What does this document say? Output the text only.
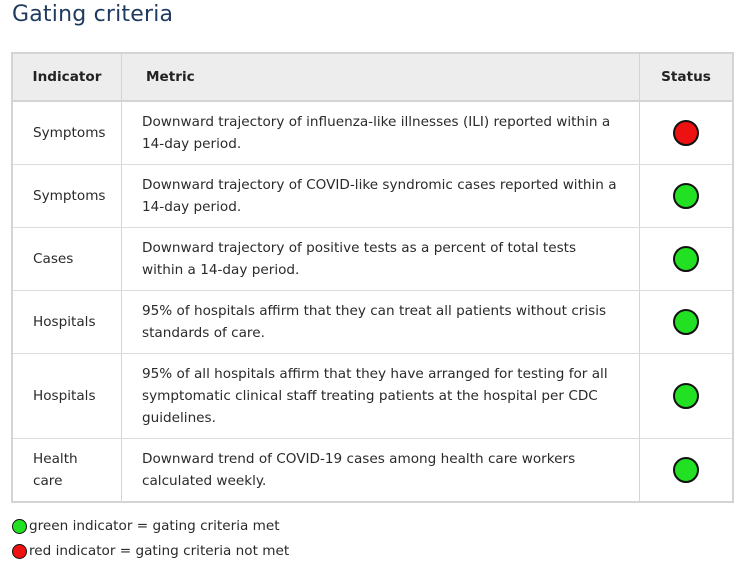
Gating criteria
Indicator	Metric	Status
Symptoms	Downward trajectory of influenza-like illnesses (ILI) reported within a 14-day period.	
Symptoms	Downward trajectory of COVID-like syndromic cases reported within a 14-day period.	
Cases	Downward trajectory of positive tests as a percent of total tests within a 14-day period.	
Hospitals	95% of hospitals affirm that they can treat all patients without crisis standards of care.	
Hospitals	95% of all hospitals affirm that they have arranged for testing for all symptomatic clinical staff treating patients at the hospital per CDC guidelines.	
Health care	Downward trend of COVID-19 cases among health care workers calculated weekly.	
green indicator = gating criteria met
red indicator = gating criteria not met
